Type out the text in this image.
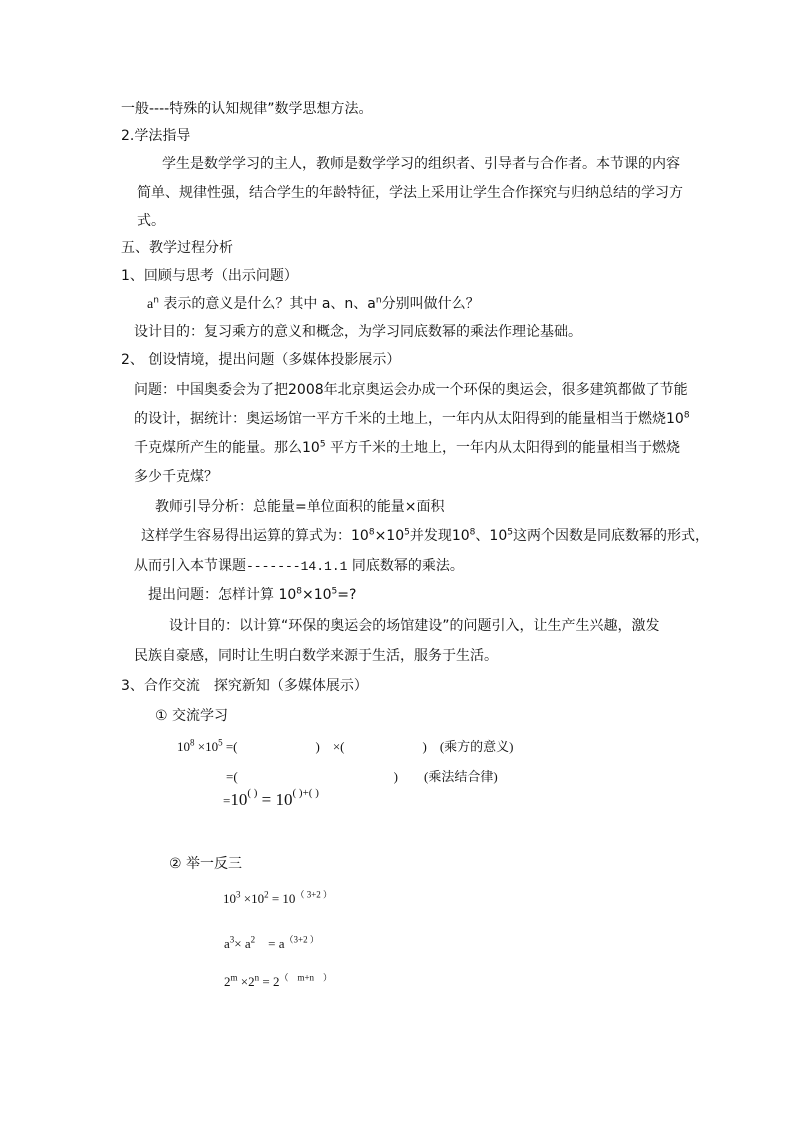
一般----特殊的认知规律”数学思想方法。
2.学法指导
学生是数学学习的主人，教师是数学学习的组织者、引导者与合作者。本节课的内容
简单、规律性强，结合学生的年龄特征，学法上采用让学生合作探究与归纳总结的学习方
式。
五、教学过程分析
1、回顾与思考（出示问题）
$a^n$ 表示的意义是什么？其中 a、n、$a^n$分别叫做什么？
设计目的：复习乘方的意义和概念，为学习同底数幂的乘法作理论基础。
2、 创设情境，提出问题（多媒体投影展示）
问题：中国奥委会为了把2008年北京奥运会办成一个环保的奥运会，很多建筑都做了节能
的设计，据统计：奥运场馆一平方千米的土地上，一年内从太阳得到的能量相当于燃烧$10^8$
千克煤所产生的能量。那么$10^5$ 平方千米的土地上，一年内从太阳得到的能量相当于燃烧
多少千克煤？
教师引导分析：总能量=单位面积的能量×面积
这样学生容易得出运算的算式为：$10^8\times 10^5$并发现$10^8$、$10^5$这两个因数是同底数幂的形式，
从而引入本节课题-------14.1.1 同底数幂的乘法。
提出问题：怎样计算 $10^8\times 10^5=$?
设计目的：以计算“环保的奥运会的场馆建设”的问题引入，让生产生兴趣，激发
民族自豪感，同时让生明白数学来源于生活，服务于生活。
3、合作交流　探究新知（多媒体展示）
① 交流学习
$10^8 \times 10^5$ =(　　　　　　)　×(　　　　　　)　(乘方的意义)
=(　　　　　　　　　　　　)　　(乘法结合律)
=10( ) = 10( )+( )
② 举一反三
$10^3 \times 10^2 = 10^{( 3+2 )}$
$a^3\times a^2$　= $a^{(3+2 )}$
$2^m \times 2^n = 2^{( m+n )}$
